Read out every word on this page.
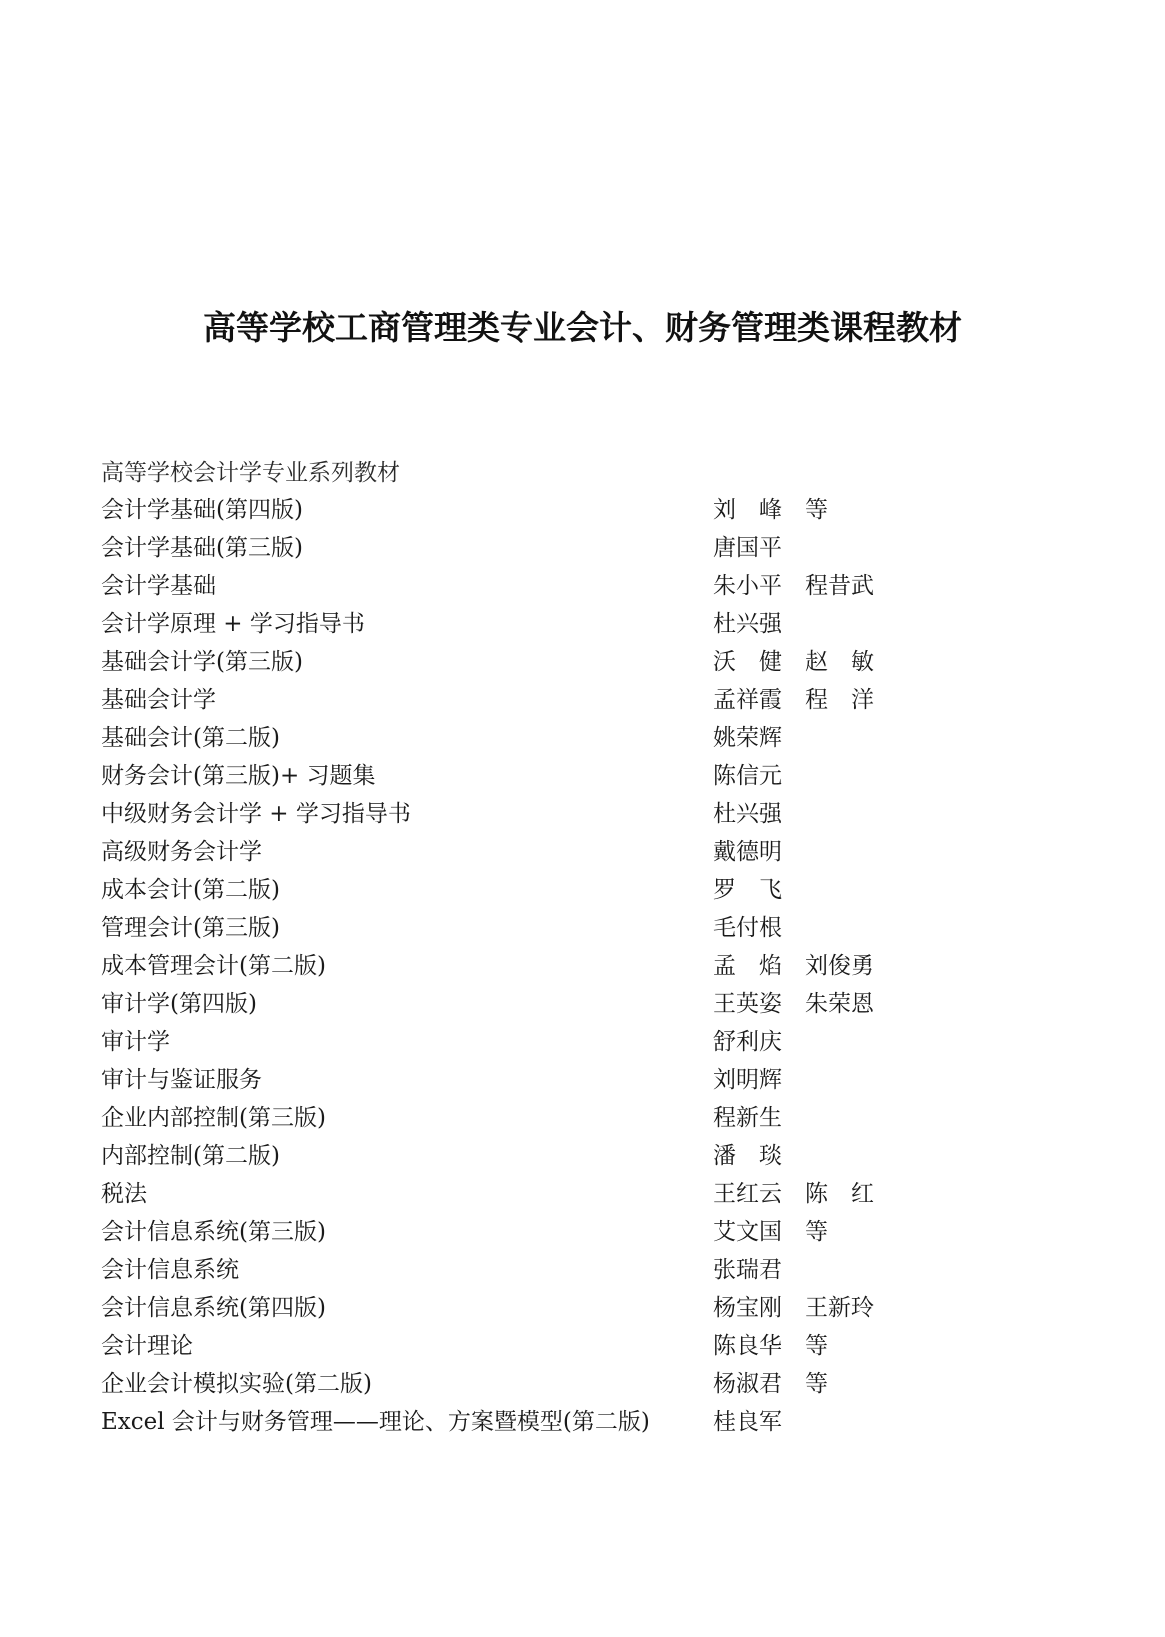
高等学校工商管理类专业会计、财务管理类课程教材
高等学校会计学专业系列教材
会计学基础(第四版)	刘　峰　等
会计学基础(第三版)	唐国平
会计学基础	朱小平　程昔武
会计学原理 + 学习指导书	杜兴强
基础会计学(第三版)	沃　健　赵　敏
基础会计学	孟祥霞　程　洋
基础会计(第二版)	姚荣辉
财务会计(第三版)+ 习题集	陈信元
中级财务会计学 + 学习指导书	杜兴强
高级财务会计学	戴德明
成本会计(第二版)	罗　飞
管理会计(第三版)	毛付根
成本管理会计(第二版)	孟　焰　刘俊勇
审计学(第四版)	王英姿　朱荣恩
审计学	舒利庆
审计与鉴证服务	刘明辉
企业内部控制(第三版)	程新生
内部控制(第二版)	潘　琰
税法	王红云　陈　红
会计信息系统(第三版)	艾文国　等
会计信息系统	张瑞君
会计信息系统(第四版)	杨宝刚　王新玲
会计理论	陈良华　等
企业会计模拟实验(第二版)	杨淑君　等
Excel 会计与财务管理——理论、方案暨模型(第二版)	桂良军
